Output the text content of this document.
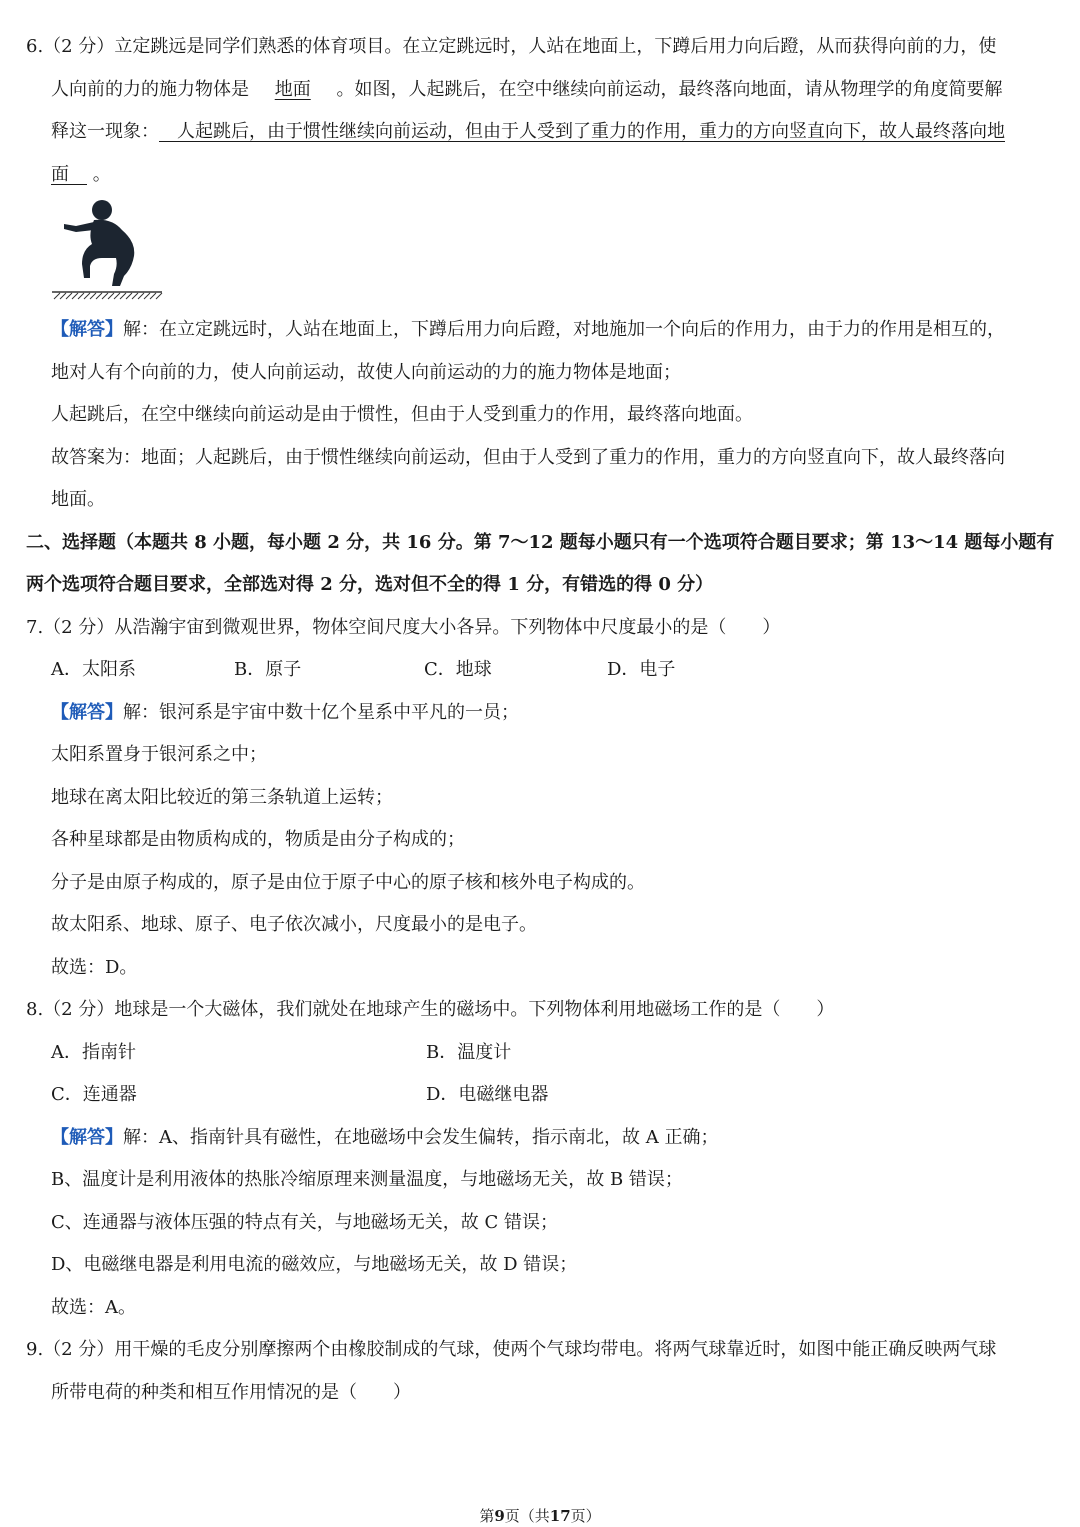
6.（2 分）立定跳远是同学们熟悉的体育项目。在立定跳远时，人站在地面上，下蹲后用力向后蹬，从而获得向前的力，使
人向前的力的施力物体是 地面 。如图，人起跳后，在空中继续向前运动，最终落向地面，请从物理学的角度简要解
释这一现象：  人起跳后，由于惯性继续向前运动，但由于人受到了重力的作用，重力的方向竖直向下，故人最终落向地
面  。
【解答】解：在立定跳远时，人站在地面上，下蹲后用力向后蹬，对地施加一个向后的作用力，由于力的作用是相互的，
地对人有个向前的力，使人向前运动，故使人向前运动的力的施力物体是地面；
人起跳后，在空中继续向前运动是由于惯性，但由于人受到重力的作用，最终落向地面。
故答案为：地面；人起跳后，由于惯性继续向前运动，但由于人受到了重力的作用，重力的方向竖直向下，故人最终落向
地面。
二、选择题（本题共 8 小题，每小题 2 分，共 16 分。第 7～12 题每小题只有一个选项符合题目要求；第 13～14 题每小题有
两个选项符合题目要求，全部选对得 2 分，选对但不全的得 1 分，有错选的得 0 分）
7.（2 分）从浩瀚宇宙到微观世界，物体空间尺度大小各异。下列物体中尺度最小的是（　　）
A．太阳系	B．原子	C．地球	D．电子
【解答】解：银河系是宇宙中数十亿个星系中平凡的一员；
太阳系置身于银河系之中；
地球在离太阳比较近的第三条轨道上运转；
各种星球都是由物质构成的，物质是由分子构成的；
分子是由原子构成的，原子是由位于原子中心的原子核和核外电子构成的。
故太阳系、地球、原子、电子依次减小，尺度最小的是电子。
故选：D。
8.（2 分）地球是一个大磁体，我们就处在地球产生的磁场中。下列物体利用地磁场工作的是（　　）
A．指南针	B．温度计
C．连通器	D．电磁继电器
【解答】解：A、指南针具有磁性，在地磁场中会发生偏转，指示南北，故 A 正确；
B、温度计是利用液体的热胀冷缩原理来测量温度，与地磁场无关，故 B 错误；
C、连通器与液体压强的特点有关，与地磁场无关，故 C 错误；
D、电磁继电器是利用电流的磁效应，与地磁场无关，故 D 错误；
故选：A。
9.（2 分）用干燥的毛皮分别摩擦两个由橡胶制成的气球，使两个气球均带电。将两气球靠近时，如图中能正确反映两气球
所带电荷的种类和相互作用情况的是（　　）
第9页（共17页）
